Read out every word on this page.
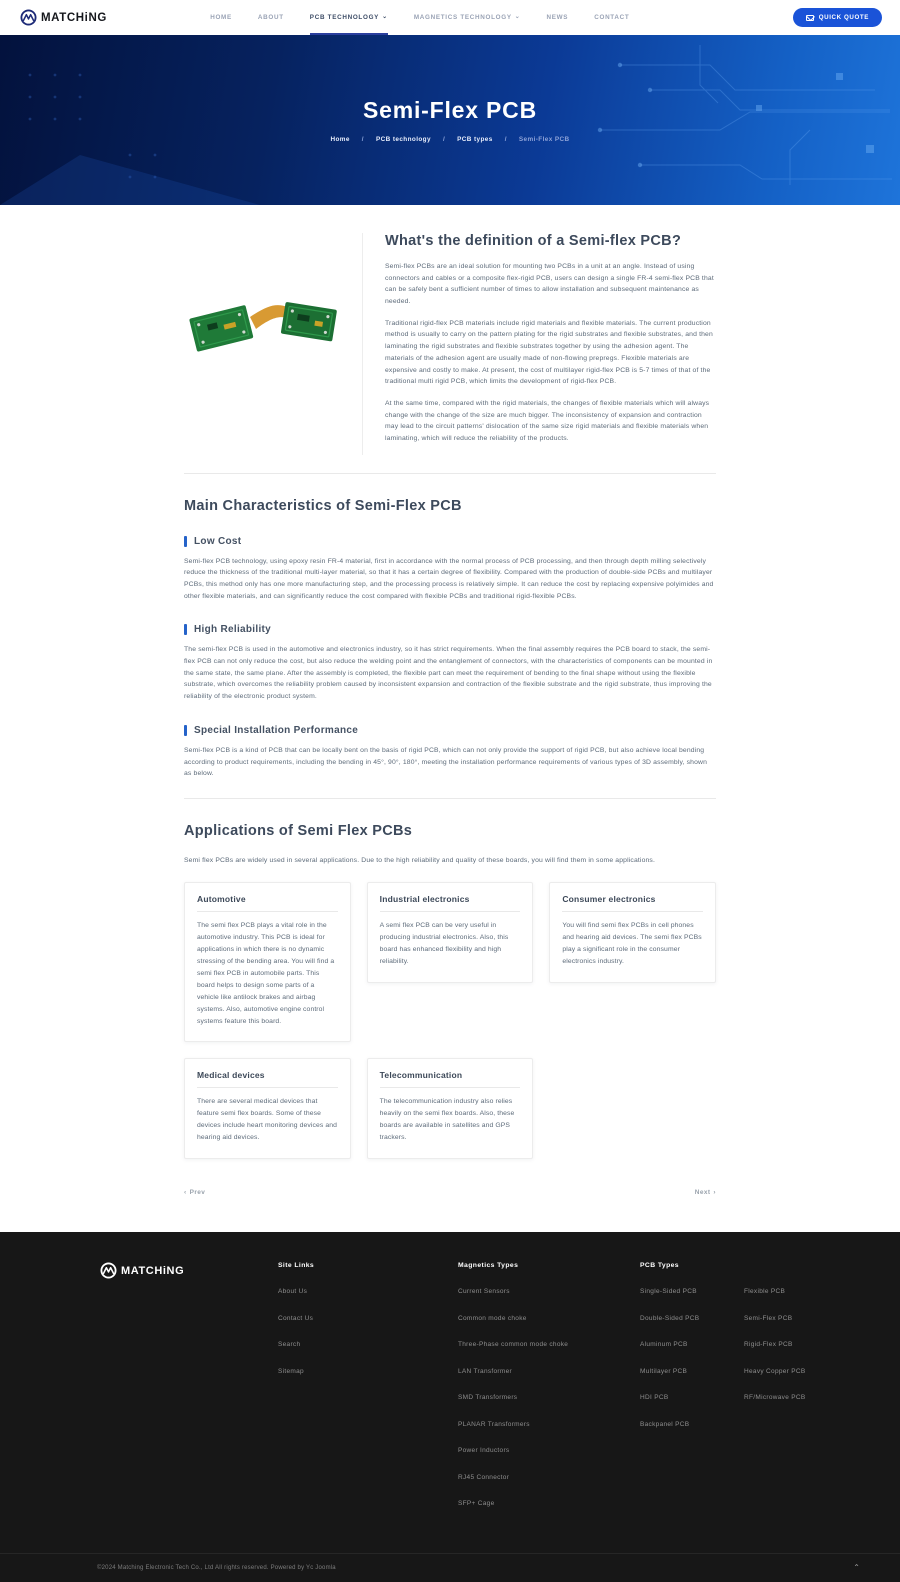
MATCHiNG	HOME	ABOUT	PCB TECHNOLOGY ⌄	MAGNETICS TECHNOLOGY ⌄	NEWS	CONTACT	QUICK QUOTE
Semi-Flex PCB
Home / PCB technology / PCB types / Semi-Flex PCB
What's the definition of a Semi-flex PCB?

Semi-flex PCBs are an ideal solution for mounting two PCBs in a unit at an angle. Instead of using connectors and cables or a composite flex-rigid PCB, users can design a single FR-4 semi-flex PCB that can be safely bent a sufficient number of times to allow installation and subsequent maintenance as needed.

Traditional rigid-flex PCB materials include rigid materials and flexible materials. The current production method is usually to carry on the pattern plating for the rigid substrates and flexible substrates, and then laminating the rigid substrates and flexible substrates together by using the adhesion agent. The materials of the adhesion agent are usually made of non-flowing prepregs. Flexible materials are expensive and costly to make. At present, the cost of multilayer rigid-flex PCB is 5-7 times of that of the traditional multi rigid PCB, which limits the development of rigid-flex PCB.

At the same time, compared with the rigid materials, the changes of flexible materials which will always change with the change of the size are much bigger. The inconsistency of expansion and contraction may lead to the circuit patterns' dislocation of the same size rigid materials and flexible materials when laminating, which will reduce the reliability of the products.

Main Characteristics of Semi-Flex PCB
Low Cost

Semi-flex PCB technology, using epoxy resin FR-4 material, first in accordance with the normal process of PCB processing, and then through depth milling selectively reduce the thickness of the traditional multi-layer material, so that it has a certain degree of flexibility. Compared with the production of double-side PCBs and multilayer PCBs, this method only has one more manufacturing step, and the processing process is relatively simple. It can reduce the cost by replacing expensive polyimides and other flexible materials, and can significantly reduce the cost compared with flexible PCBs and traditional rigid-flexible PCBs.

High Reliability

The semi-flex PCB is used in the automotive and electronics industry, so it has strict requirements. When the final assembly requires the PCB board to stack, the semi-flex PCB can not only reduce the cost, but also reduce the welding point and the entanglement of connectors, with the characteristics of components can be mounted in the same state, the same plane. After the assembly is completed, the flexible part can meet the requirement of bending to the final shape without using the flexible substrate, which overcomes the reliability problem caused by inconsistent expansion and contraction of the flexible substrate and the rigid substrate, thus improving the reliability of the electronic product system.

Special Installation Performance

Semi-flex PCB is a kind of PCB that can be locally bent on the basis of rigid PCB, which can not only provide the support of rigid PCB, but also achieve local bending according to product requirements, including the bending in 45°, 90°, 180°, meeting the installation performance requirements of various types of 3D assembly, shown as below.

Applications of Semi Flex PCBs

Semi flex PCBs are widely used in several applications. Due to the high reliability and quality of these boards, you will find them in some applications.

Automotive

The semi flex PCB plays a vital role in the automotive industry. This PCB is ideal for applications in which there is no dynamic stressing of the bending area. You will find a semi flex PCB in automobile parts. This board helps to design some parts of a vehicle like antilock brakes and airbag systems. Also, automotive engine control systems feature this board.

Industrial electronics

A semi flex PCB can be very useful in producing industrial electronics. Also, this board has enhanced flexibility and high reliability.

Consumer electronics

You will find semi flex PCBs in cell phones and hearing aid devices. The semi flex PCBs play a significant role in the consumer electronics industry.

Medical devices

There are several medical devices that feature semi flex boards. Some of these devices include heart monitoring devices and hearing aid devices.

Telecommunication

The telecommunication industry also relies heavily on the semi flex boards. Also, these boards are available in satellites and GPS trackers.

‹ Prev	Next ›
MATCHiNG	Site Links
About Us
Contact Us
Search
Sitemap
Magnetics Types
Current Sensors
Common mode choke
Three-Phase common mode choke
LAN Transformer
SMD Transformers
PLANAR Transformers
Power Inductors
RJ45 Connector
SFP+ Cage
PCB Types
Single-Sided PCB
Double-Sided PCB
Aluminum PCB
Multilayer PCB
HDI PCB
Backpanel PCB
Flexible PCB
Semi-Flex PCB
Rigid-Flex PCB
Heavy Copper PCB
RF/Microwave PCB
©2024 Matching Electronic Tech Co., Ltd All rights reserved. Powered by Yc Joomla	⌃
